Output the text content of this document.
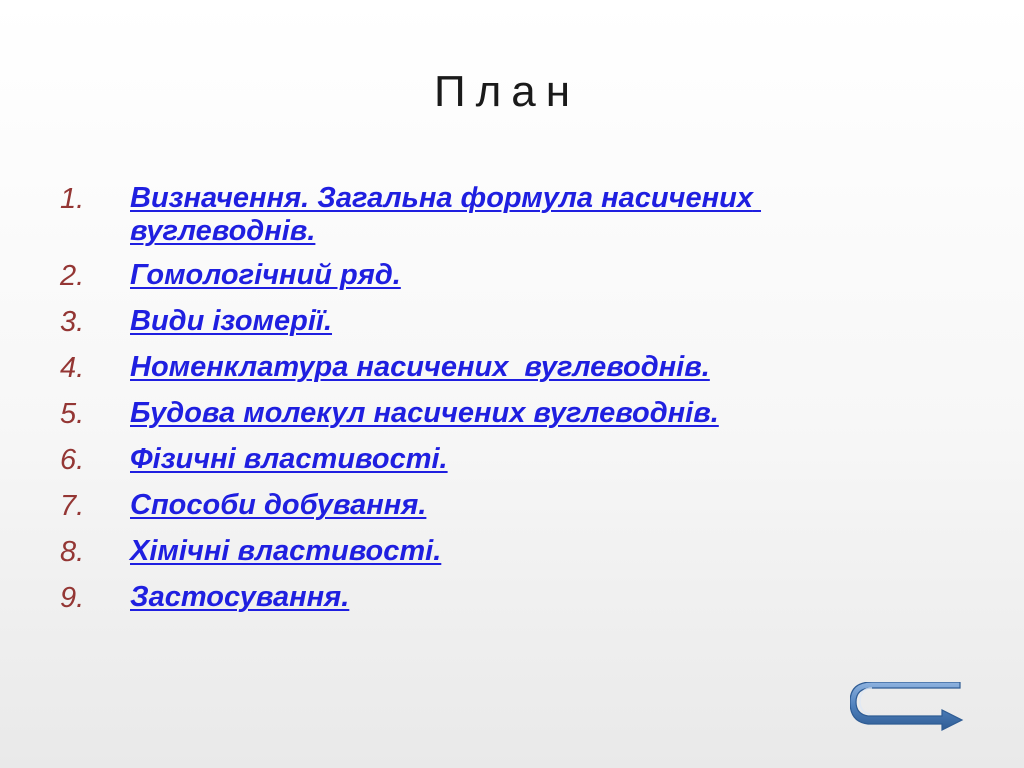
План
1.	Визначення. Загальна формула насичених вуглеводнів.
2.	Гомологічний ряд.
3.	Види ізомерії.
4.	Номенклатура насичених  вуглеводнів.
5.	Будова молекул насичених вуглеводнів.
6.	Фізичні властивості.
7.	Способи добування.
8.	Хімічні властивості.
9.	Застосування.
